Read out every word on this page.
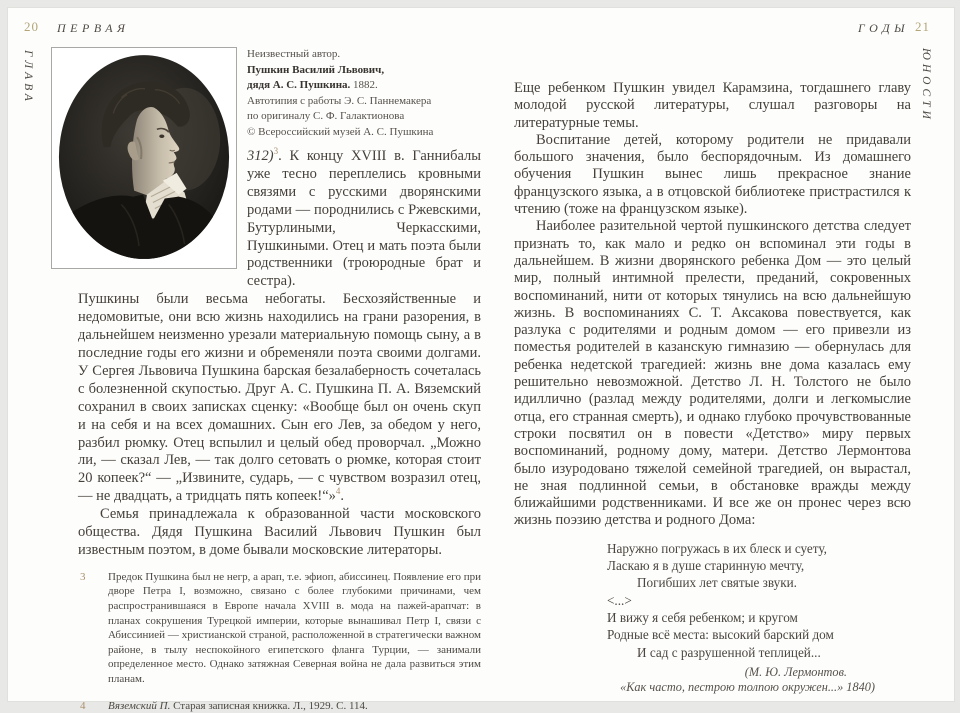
20 ПЕРВАЯ
ГЛАВА	Неизвестный автор.
Пушкин Василий Львович,
дядя А. С. Пушкина. 1882.
Автотипия с работы Э. С. Паннемакера
по оригиналу С. Ф. Галактионова
© Всероссийский музей А. С. Пушкина

312)$^3$. К концу XVIII в. Ганнибалы уже тесно переплелись кровными связями с русскими дворянскими родами — породнились с Ржевскими, Бутурлиными, Черкасскими, Пушкиными. Отец и мать поэта были родственники (троюродные брат и сестра).

Пушкины были весьма небогаты. Бесхозяйственные и недомовитые, они всю жизнь находились на грани разорения, в дальнейшем неизменно урезали материальную помощь сыну, а в последние годы его жизни и обременяли поэта своими долгами. У Сергея Львовича Пушкина барская безалаберность сочеталась с болезненной скупостью. Друг А. С. Пушкина П. А. Вяземский сохранил в своих записках сценку: «Вообще был он очень скуп и на себя и на всех домашних. Сын его Лев, за обедом у него, разбил рюмку. Отец вспылил и целый обед проворчал. „Можно ли, — сказал Лев, — так долго сетовать о рюмке, которая стоит 20 копеек?“ — „Извините, сударь, — с чувством возразил отец, — не двадцать, а тридцать пять копеек!“»$^4$.

Семья принадлежала к образованной части московского общества. Дядя Пушкина Василий Львович Пушкин был известным поэтом, в доме бывали московские литераторы.

3 Предок Пушкина был не негр, а арап, т.е. эфиоп, абиссинец. Появление его при дворе Петра I, возможно, связано с более глубокими причинами, чем распространившаяся в Европе начала XVIII в. мода на пажей-арапчат: в планах сокрушения Турецкой империи, которые вынашивал Петр I, связи с Абиссинией — христианской страной, расположенной в стратегически важном районе, в тылу неспокойного египетского фланга Турции, — занимали определенное место. Однако затяжная Северная война не дала развиться этим планам.
4 Вяземский П. Старая записная книжка. Л., 1929. С. 114.
ГОДЫ 21
ЮНОСТИ

Еще ребенком Пушкин увидел Карамзина, тогдашнего главу молодой русской литературы, слушал разговоры на литературные темы.

Воспитание детей, которому родители не придавали большого значения, было беспорядочным. Из домашнего обучения Пушкин вынес лишь прекрасное знание французского языка, а в отцовской библиотеке пристрастился к чтению (тоже на французском языке).

Наиболее разительной чертой пушкинского детства следует признать то, как мало и редко он вспоминал эти годы в дальнейшем. В жизни дворянского ребенка Дом — это целый мир, полный интимной прелести, преданий, сокровенных воспоминаний, нити от которых тянулись на всю дальнейшую жизнь. В воспоминаниях С. Т. Аксакова повествуется, как разлука с родителями и родным домом — его привезли из поместья родителей в казанскую гимназию — обернулась для ребенка недетской трагедией: жизнь вне дома казалась ему решительно невозможной. Детство Л. Н. Толстого не было идиллично (разлад между родителями, долги и легкомыслие отца, его странная смерть), и однако глубоко прочувствованные строки посвятил он в повести «Детство» миру первых воспоминаний, родному дому, матери. Детство Лермонтова было изуродовано тяжелой семейной трагедией, он вырастал, не зная подлинной семьи, в обстановке вражды между ближайшими родственниками. И все же он пронес через всю жизнь поэзию детства и родного Дома:

Наружно погружась в их блеск и суету,
Ласкаю я в душе старинную мечту,
Погибших лет святые звуки.
<...>
И вижу я себя ребенком; и кругом
Родные всё места: высокий барский дом
И сад с разрушенной теплицей...
(М. Ю. Лермонтов.
«Как часто, пестрою толпою окружен...» 1840)
